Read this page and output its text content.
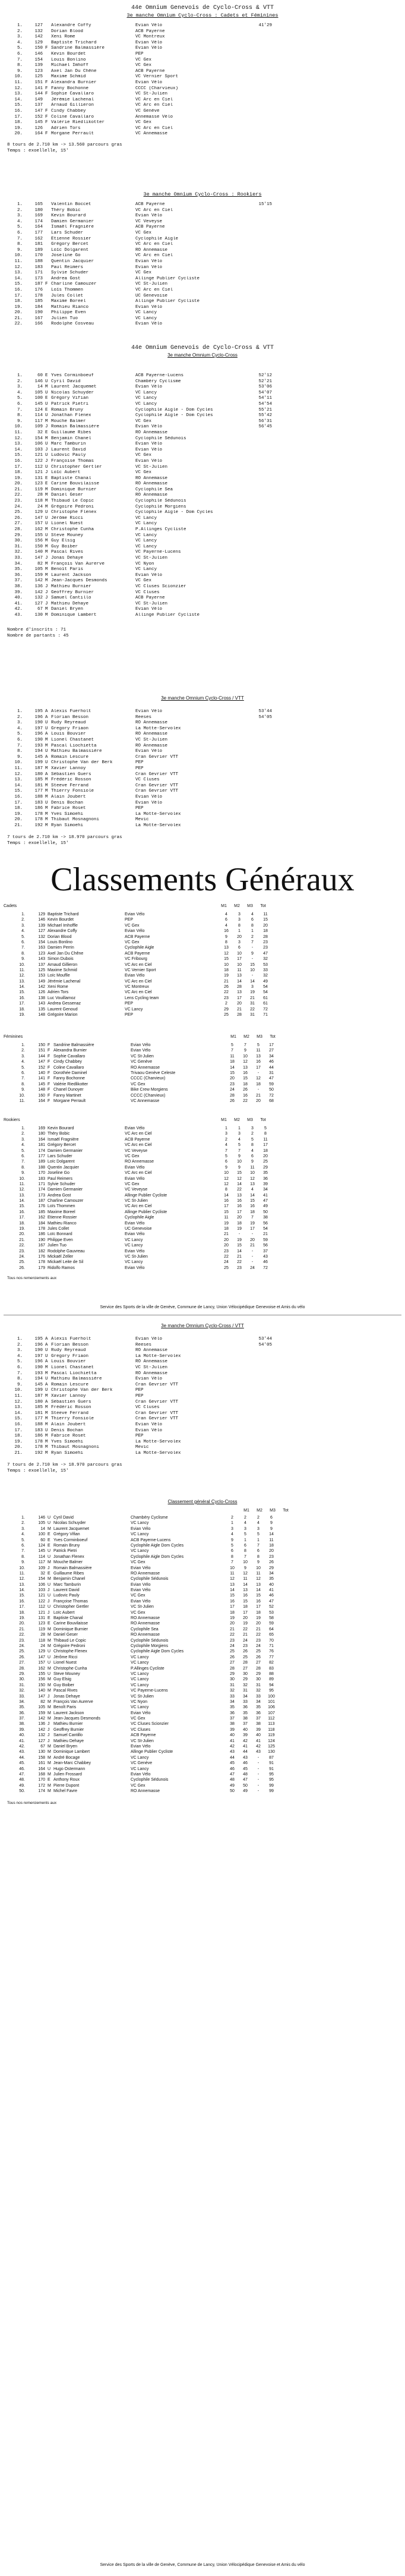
44e Omnium Genevois de Cyclo-Cross & VTT

3e manche Omnium Cyclo-Cross : Cadets et Féminines

1.	127	Alexandre Coffy	Evian Vélo	41'29
2.	132	Dorian Blood	ACB Payerne
3.	142	Xeni Rome	VC Montreux
4.	129	Baptiste Trichard	Evian Vélo
5.	150 F Sandrine Balmassière	Evian Vélo
6.	146	Kevin Bourdet	PEP
7.	154	Louis Bonlino	VC Gex
8.	139	Michael Imhoff	VC Gex
9.	123	Axel Jan Du Chêne	ACB Payerne
10.	125	Maxime Schmid	VC Vernier Sport
11.	151 F Alexandra Burnier	Evian Vélo
12.	141 F Fanny Bochonne	CCCC (Charvieux)
13.	144 F Sophie Cavallaro	VC St-Julien
14.	149	Jérémie Lachenal	VC Arc en Ciel
15.	137	Arnaud Gillieron	VC Arc en Ciel
16.	147 F Cindy Chabbey	VC Genève
17.	152 F Coline Cavallaro	Annemasse Vélo
18.	145 F Valérie Riedlikotter	VC Gex
19.	126	Adrien Tors	VC Arc en Ciel
20.	164 F Morgane Perrault	VC Annemasse
8 tours de 2.710 km -> 13.560 parcours gras
Temps : exoellelle, 15'

3e manche Omnium Cyclo-Cross : Rookiers

1.	165	Valentin Boccet	ACB Payerne	15'15
2.	180	Théry Bobic	VC Arc en Ciel
3.	169	Kevin Bourard	Evian Vélo
4.	174	Damien Germanier	VC Veveyse
5.	164	Ismaël Fragnière	ACB Payerne
6.	177	Lars Schuder	VC Gex
7.	162	Etienne Rossier	Cyclophile Aigle
8.	181	Grégory Bercet	VC Arc en Ciel
9.	189	Loïc Dolgarent	RO Annemasse
10.	170	Joseline Go	VC Arc en Ciel
11.	188	Quentin Jacquier	Evian Vélo
12.	183	Paul Reimers	Evian Vélo
13.	171	Sylvie Schuder	VC Gex
14.	173	Andrea Gost	Allinge Publier Cycliste
15.	187 F Charline Camouzer	VC St-Julien
16.	176	Loïs Thommen	VC Arc en Ciel
17.	178	Jules Collet	UC Genevoise
18.	185	Maxime Boreel	Allinge Publier Cycliste
19.	184	Mathieu Rianco	Evian Vélo
20.	190	Philippe Even	VC Lancy
21.	167	Julien Tuo	VC Lancy
22.	166	Rodolphe Cosveau	Evian Vélo

44e Omnium Genevois de Cyclo-Cross & VTT

3e manche Omnium Cyclo-Cross

1.	60 E Yves Corminboeuf	ACB Payerne-Lucens	52'12
2.	146 U Cyril David	Chambéry Cyclisme	52'21
3.	14 M Laurent Jacquemet	Evian Vélo	53'06
4.	105 U Nicolas Schuyder	VC Lancy	54'07
5.	100 E Grégory Vifian	VC Lancy	54'11
6.	145 U Patrick Pietri	VC Lancy	54'54
7.	124 E Romain Bruny	Cyclophile Aigle - Dom Cycles	55'21
8.	114 U Jonathan Flenex	Cyclophile Aigle - Dom Cycles	55'42
9.	117 M Mouche Balmer	VC Gex	56'31
10.	109 J Romain Balmassière	Evian Vélo	56'45
11.	32 E Guillaume Ribes	RO Annemasse
12.	154 M Benjamin Chanel	Cyclophile Sédunois
13.	106 U Marc Tamburin	Evian Vélo
14.	103 J Laurent David	Evian Vélo
15.	121 U Ludovic Pauly	VC Gex
16.	122 J Françoise Thomas	Evian Vélo
17.	112 U Christopher Gertler	VC St-Julien
18.	121 J Loïc Aubert	VC Gex
19.	131 E Baptiste Chanal	RO Annemasse
20.	123 E Carine Bouvilaisse	RO Annemasse
21.	119 M Dominique Burnier	Cyclophile Sea
22.	28 M Daniel Geser	RO Annemasse
23.	118 M Thibaud Le Copic	Cyclophile Sédunois
24.	24 M Grégoire Pedroni	Cyclophile Morgiens
25.	129 U Christophe Flenex	Cyclophile Aigle - Dom Cycles
26.	147 U Jérôme Ricci	VC Lancy
27.	157 U Lionel Nuest	VC Lancy
28.	162 M Christophe Cunha	P.Allinges Cycliste
29.	155 U Steve Mouney	VC Lancy
30.	156 M Guy Elsig	VC Lancy
31.	150 M Guy Boiber	VC Lancy
32.	140 M Pascal Rives	VC Payerne-Lucens
33.	147 J Jonas Dehaye	VC St-Julien
34.	82 M François Van Aurerve	VC Nyon
35.	105 M Benoît Paris	VC Lancy
36.	159 M Laurent Jackson	Evian Vélo
37.	142 M Jean-Jacques Desmonds	VC Gex
38.	136 J Mathieu Burnier	VC Cluses Scionzier
39.	142 J Geoffrey Burnier	VC Cluses
40.	132 J Samuel Cantillo	ACB Payerne
41.	127 J Mathieu Dehaye	VC St-Julien
42.	67 M Daniel Bryen	Evian Vélo
43.	130 M Dominique Lambert	Allinge Publier Cycliste
Nombre d'inscrits : 71
Nombre de partants : 45

3e manche Omnium Cyclo-Cross / VTT

1.	195 A Alexis Fuerholt	Evian Vélo	53'44
2.	196 A Florian Besson	Reeses	54'05
3.	190 U Rudy Reyreaud	RO Annemasse
4.	197 U Gregory Friaon	La Motte-Servolex
5.	196 A Louis Bouvier	RO Annemasse
6.	190 M Lionel Chastanet	VC St-Julien
7.	193 M Pascal Liochietta	RO Annemasse
8.	194 U Mathieu Balmassière	Evian Vélo
9.	145 A Romain Lescure	Cran Gevrier VTT
10.	199 U Christophe Van der Berk	PEP
11.	187 M Xavier Lannoy	PEP
12.	180 A Sébastien Guers	Cran Gevrier VTT
13.	185 M Frédéric Rosson	VC Cluses
14.	181 M Steeve Ferrand	Cran Gevrier VTT
15.	177 M Thierry Fonsiole	Cran Gevrier VTT
16.	188 M Alain Joubert	Evian Vélo
17.	183 U Denis Bochan	Evian Vélo
18.	186 M Fabrice Roset	PEP
19.	178 M Yves Simoehi	La Motte-Servolex
20.	178 M Thibaut Mosnagnoni	Mevic
21.	192 M Ryan Simoehi	La Motte-Servolex
7 tours de 2.710 km -> 18.970 parcours gras
Temps : exoellelle, 15'
Classements Généraux
Cadets	M1	M2	M3	Tot
1.	129 Baptiste Trichard	Evian Vélo	4	3	4	11
2.	146 Kevin Bourdet	PEP	6	3	6	15
3.	139 Michael Imhoffle	VC Gex	4	8	8	20
4.	127 Alexandre Coffy	Evian Vélo	16	1	1	18
5.	132 Dorian Blood	ACB Payerne	9	20	2	28
6.	154 Louis Bonlino	VC Gex	8	3	7	23
7.	163 Damien Perrin	Cyclophile Aigle	13	6	-	23
8.	123 Axel Jan Du Chêne	ACB Payerne	12	10	9	47
9.	143 Simon Dubois	VC Fribourg	15	17	-	32
10.	137 Arnaud Gillieron	VC Arc en Ciel	10	10	15	53
11.	125 Maxime Schmid	VC Vernier Sport	18	11	10	33
12.	153 Loïc Mouflle	Evian Vélo	19	13	-	32
13.	149 Jérémie Lachenal	VC Arc en Ciel	21	14	14	49
14.	142 Xeni Rome	VC Montreux	26	28	3	54
15.	126 Adrien Tors	VC Arc en Ciel	22	13	19	54
16.	138 Luc Vouillamoz	Lens Cycling team	23	17	21	61
17.	143 Andrea Gessenaz	PEP	2	20	31	61
18.	135 Laurent Genoud	VC Lancy	29	21	22	72
19.	148 Grégoire Marion	PEP	25	28	31	71
Féminines	M1	M2	M3	Tot
1.	150 F Sandrine Balmassière	Evian Vélo	5	7	5	17
2.	151 F Alexandra Burnier	Evian Vélo	7	9	11	27
3.	144 F Sophie Cavallaro	VC St-Julien	11	10	13	34
4.	147 F Cindy Chabbey	VC Genève	18	12	16	46
5.	152 F Coline Cavallaro	RO Annemasse	14	13	17	44
6.	140 F Dorothée Daminel	Trivaou Genève Celeste	15	16	-	31
7.	141 F Fanny Bochonne	CCCC (Charvieux)	20	15	12	47
8.	145 F Valérie Riedlikotter	VC Gex	23	18	18	59
9.	148 F Chanel Dunoyer	Bike Crew Morgiens	24	26	-	50
10.	160 F Fanny Martinet	CCCC (Charvieux)	28	16	21	72
11.	164 F Morgane Perrault	VC Annemasse	26	22	20	68
Rookiers	M1	M2	M3	Tot
1.	169 Kevin Bourard	Evian Vélo	1	1	3	5
2.	180 Théry Bobic	VC Arc en Ciel	3	3	2	8
3.	164 Ismaël Fragnière	ACB Payerne	2	4	5	11
4.	181 Grégory Bercet	VC Arc en Ciel	4	5	8	17
5.	174 Damien Germanier	VC Veveyse	7	7	4	18
6.	177 Lars Schuder	VC Gex	5	9	6	20
7.	189 Loïc Dolgarent	RO Annemasse	6	10	9	25
8.	188 Quentin Jacquier	Evian Vélo	9	9	11	29
9.	170 Joseline Go	VC Arc en Ciel	10	15	10	35
10.	183 Paul Reimers	Evian Vélo	12	12	12	36
11.	171 Sylvie Schuder	VC Gex	12	14	13	39
12.	174 Damien Germanier	VC Veveyse	8	22	4	34
13.	173 Andrea Gost	Allinge Publier Cycliste	14	13	14	41
14.	187 Charline Camouzer	VC St-Julien	16	16	15	47
15.	176 Loïs Thommen	VC Arc en Ciel	17	16	16	49
16.	185 Maxime Boreel	Allinge Publier Cycliste	15	17	18	50
17.	162 Etienne Rossier	Cyclophile Aigle	11	20	7	38
18.	184 Mathieu Rianco	Evian Vélo	19	18	19	56
19.	178 Jules Collet	UC Genevoise	18	19	17	54
20.	186 Loïc Bonnard	Evian Vélo	21	-	-	21
21.	190 Philippe Even	VC Lancy	20	19	20	59
22.	167 Julien Tuo	VC Lancy	20	15	21	56
23.	182 Rodolphe Gauvreau	Evian Vélo	23	14	-	37
24.	176 Mickaël Zeller	VC St-Julien	22	21	-	43
25.	178 Mickaël Leite de Sil	VC Lancy	24	22	-	46
26.	179 Ridolfo Ramos	Evian Vélo	25	23	24	72
Tous nos remerciements aux
Service des Sports de la ville de Genève, Commune de Lancy, Union Vélocipédique Genevoise et Amis du vélo

3e manche Omnium Cyclo-Cross / VTT

1.	195 A Alexis Fuerholt	Evian Vélo	53'44
2.	196 A Florian Besson	Reeses	54'05
3.	190 U Rudy Reyreaud	RO Annemasse
4.	197 U Gregory Friaon	La Motte-Servolex
5.	196 A Louis Bouvier	RO Annemasse
6.	190 M Lionel Chastanet	VC St-Julien
7.	193 M Pascal Liochietta	RO Annemasse
8.	194 U Mathieu Balmassière	Evian Vélo
9.	145 A Romain Lescure	Cran Gevrier VTT
10.	199 U Christophe Van der Berk	PEP
11.	187 M Xavier Lannoy	PEP
12.	180 A Sébastien Guers	Cran Gevrier VTT
13.	185 M Frédéric Rosson	VC Cluses
14.	181 M Steeve Ferrand	Cran Gevrier VTT
15.	177 M Thierry Fonsiole	Cran Gevrier VTT
16.	188 M Alain Joubert	Evian Vélo
17.	183 U Denis Bochan	Evian Vélo
18.	186 M Fabrice Roset	PEP
19.	178 M Yves Simoehi	La Motte-Servolex
20.	178 M Thibaut Mosnagnoni	Mevic
21.	192 M Ryan Simoehi	La Motte-Servolex
7 tours de 2.710 km -> 18.970 parcours gras
Temps : exoellelle, 15'

Classement général Cyclo-Cross

M1	M2	M3	Tot
1.	146 U Cyril David	Chambéry Cyclisme	2	2	2	6
2.	105 U Nicolas Schuyder	VC Lancy	1	4	4	9
3.	14 M Laurent Jacquemet	Evian Vélo	3	3	3	9
4.	100 E Grégory Vifian	VC Lancy	4	5	5	14
5.	60 E Yves Corminboeuf	ACB Payerne-Lucens	9	1	1	11
6.	124 E Romain Bruny	Cyclophile Aigle Dom Cycles	5	6	7	18
7.	145 U Patrick Pietri	VC Lancy	6	8	6	20
8.	114 U Jonathan Flenex	Cyclophile Aigle Dom Cycles	8	7	8	23
9.	117 M Mouche Balmer	VC Gex	7	10	9	26
10.	109 J Romain Balmassière	Evian Vélo	10	9	10	29
11.	32 E Guillaume Ribes	RO Annemasse	11	12	11	34
12.	154 M Benjamin Chanel	Cyclophile Sédunois	12	11	12	35
13.	106 U Marc Tamburin	Evian Vélo	13	14	13	40
14.	103 J Laurent David	Evian Vélo	14	13	14	41
15.	121 U Ludovic Pauly	VC Gex	15	16	15	46
16.	122 J Françoise Thomas	Evian Vélo	16	15	16	47
17.	112 U Christopher Gertler	VC St-Julien	17	18	17	52
18.	121 J Loïc Aubert	VC Gex	18	17	18	53
19.	131 E Baptiste Chanal	RO Annemasse	19	20	19	58
20.	123 E Carine Bouvilaisse	RO Annemasse	20	19	20	59
21.	119 M Dominique Burnier	Cyclophile Sea	21	22	21	64
22.	28 M Daniel Geser	RO Annemasse	22	21	22	65
23.	118 M Thibaud Le Copic	Cyclophile Sédunois	23	24	23	70
24.	24 M Grégoire Pedroni	Cyclophile Morgiens	24	23	24	71
25.	129 U Christophe Flenex	Cyclophile Aigle Dom Cycles	25	26	25	76
26.	147 U Jérôme Ricci	VC Lancy	26	25	26	77
27.	157 U Lionel Nuest	VC Lancy	27	28	27	82
28.	162 M Christophe Cunha	P.Allinges Cycliste	28	27	28	83
29.	155 U Steve Mouney	VC Lancy	29	30	29	88
30.	156 M Guy Elsig	VC Lancy	30	29	30	89
31.	150 M Guy Boiber	VC Lancy	31	32	31	94
32.	140 M Pascal Rives	VC Payerne-Lucens	32	31	32	95
33.	147 J Jonas Dehaye	VC St-Julien	33	34	33	100
34.	82 M François Van Aurerve	VC Nyon	34	33	34	101
35.	105 M Benoît Paris	VC Lancy	35	36	35	106
36.	159 M Laurent Jackson	Evian Vélo	36	35	36	107
37.	142 M Jean-Jacques Desmonds	VC Gex	37	38	37	112
38.	136 J Mathieu Burnier	VC Cluses Scionzier	38	37	38	113
39.	142 J Geoffrey Burnier	VC Cluses	39	40	39	118
40.	132 J Samuel Cantillo	ACB Payerne	40	39	40	119
41.	127 J Mathieu Dehaye	VC St-Julien	41	42	41	124
42.	67 M Daniel Bryen	Evian Vélo	42	41	42	125
43.	130 M Dominique Lambert	Allinge Publier Cycliste	43	44	43	130
44.	158 M André Bocage	VC Lancy	44	43	-	87
45.	161 M Jean-Marc Chabbey	VC Genève	45	46	-	91
46.	164 U Hugo Ostermann	VC Lancy	46	45	-	91
47.	168 M Julien Frossard	Evian Vélo	47	48	-	95
48.	170 E Anthony Roux	Cyclophile Sédunois	48	47	-	95
49.	172 M Pierre Dupont	VC Gex	49	50	-	99
50.	174 M Michel Favre	RO Annemasse	50	49	-	99
Tous nos remerciements aux
Service des Sports de la ville de Genève, Commune de Lancy, Union Vélocipédique Genevoise et Amis du vélo
